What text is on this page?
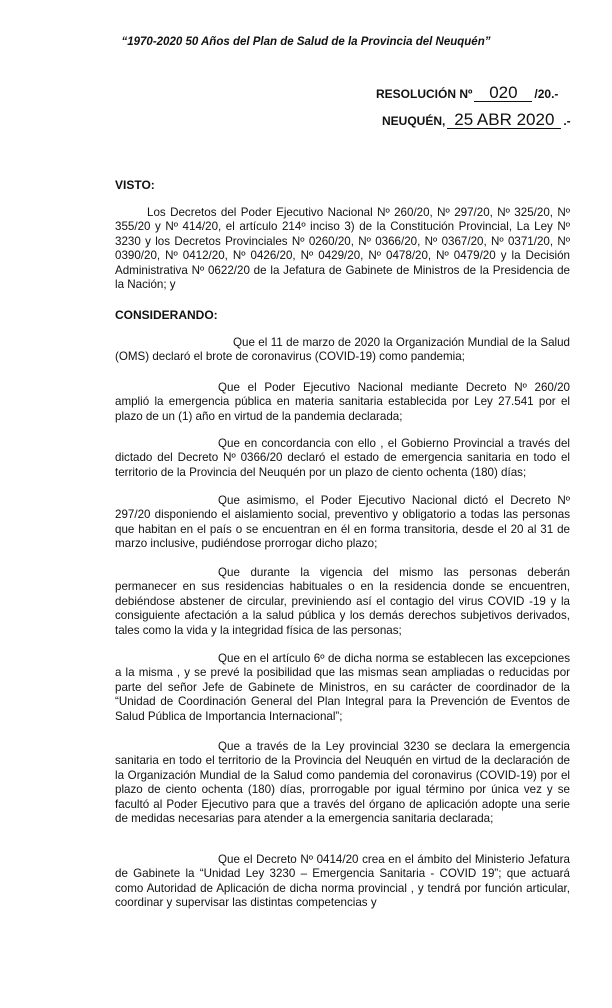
“1970-2020 50 Años del Plan de Salud de la Provincia del Neuquén”
RESOLUCIÓN Nº 020 /20.-
NEUQUÉN, 25 ABR 2020 .-
VISTO:
Los Decretos del Poder Ejecutivo Nacional Nº 260/20, Nº 297/20, Nº 325/20, Nº 355/20 y Nº 414/20, el artículo 214º inciso 3) de la Constitución Provincial, La Ley Nº 3230 y los Decretos Provinciales Nº 0260/20, Nº 0366/20, Nº 0367/20, Nº 0371/20, Nº 0390/20, Nº 0412/20, Nº 0426/20, Nº 0429/20, Nº 0478/20, Nº 0479/20 y la Decisión Administrativa Nº 0622/20 de la Jefatura de Gabinete de Ministros de la Presidencia de la Nación; y
CONSIDERANDO:
Que el 11 de marzo de 2020 la Organización Mundial de la Salud (OMS) declaró el brote de coronavirus (COVID-19) como pandemia;
Que el Poder Ejecutivo Nacional mediante Decreto Nº 260/20 amplió la emergencia pública en materia sanitaria establecida por Ley 27.541 por el plazo de un (1) año en virtud de la pandemia declarada;
Que en concordancia con ello , el Gobierno Provincial a través del dictado del Decreto Nº 0366/20 declaró el estado de emergencia sanitaria en todo el territorio de la Provincia del Neuquén por un plazo de ciento ochenta (180) días;
Que asimismo, el Poder Ejecutivo Nacional dictó el Decreto Nº 297/20 disponiendo el aislamiento social, preventivo y obligatorio a todas las personas que habitan en el país o se encuentran en él en forma transitoria, desde el 20 al 31 de marzo inclusive, pudiéndose prorrogar dicho plazo;
Que durante la vigencia del mismo las personas deberán permanecer en sus residencias habituales o en la residencia donde se encuentren, debiéndose abstener de circular, previniendo así el contagio del virus COVID -19 y la consiguiente afectación a la salud pública y los demás derechos subjetivos derivados, tales como la vida y la integridad física de las personas;
Que en el artículo 6º de dicha norma se establecen las excepciones a la misma , y se prevé la posibilidad que las mismas sean ampliadas o reducidas por parte del señor Jefe de Gabinete de Ministros, en su carácter de coordinador de la “Unidad de Coordinación General del Plan Integral para la Prevención de Eventos de Salud Pública de Importancia Internacional”;
Que a través de la Ley provincial 3230 se declara la emergencia sanitaria en todo el territorio de la Provincia del Neuquén en virtud de la declaración de la Organización Mundial de la Salud como pandemia del coronavirus (COVID-19) por el plazo de ciento ochenta (180) días, prorrogable por igual término por única vez y se facultó al Poder Ejecutivo para que a través del órgano de aplicación adopte una serie de medidas necesarias para atender a la emergencia sanitaria declarada;
Que el Decreto Nº 0414/20 crea en el ámbito del Ministerio Jefatura de Gabinete la “Unidad Ley 3230 – Emergencia Sanitaria - COVID 19”; que actuará como Autoridad de Aplicación de dicha norma provincial , y tendrá por función articular, coordinar y supervisar las distintas competencias y
